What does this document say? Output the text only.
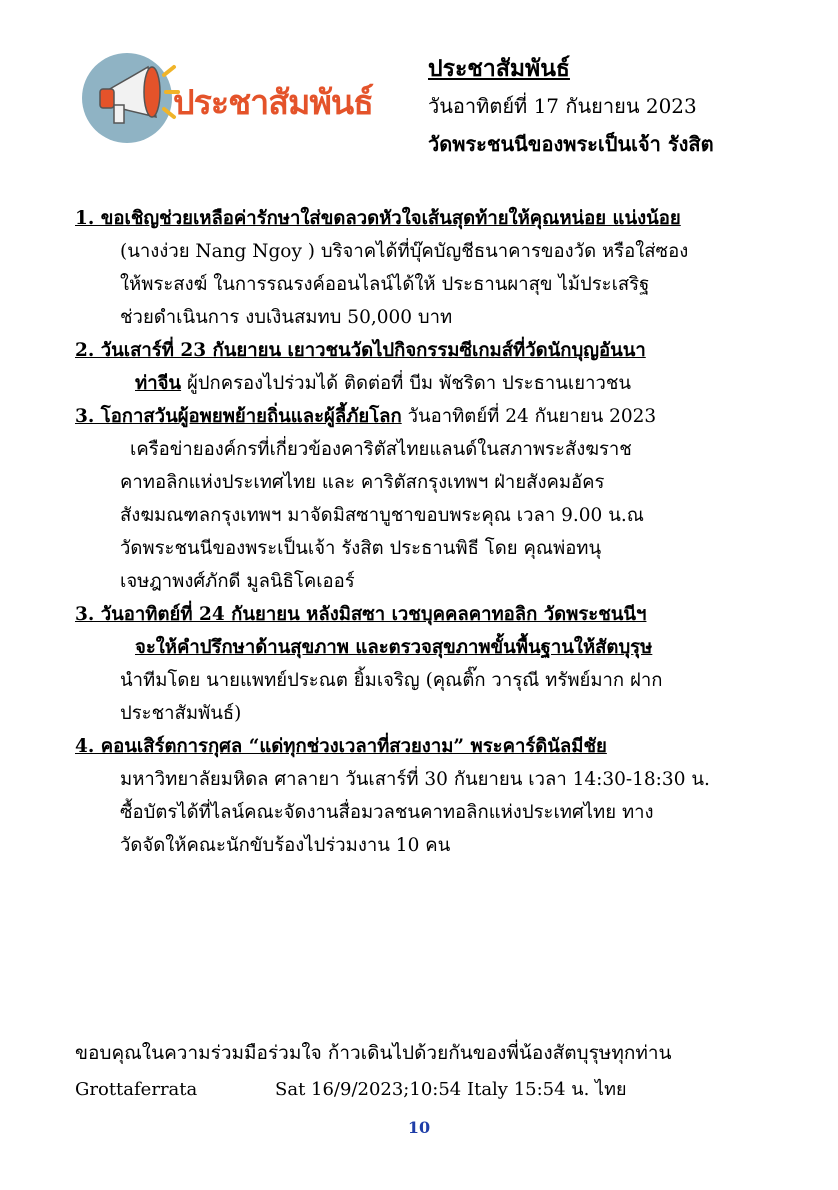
ประชาสัมพันธ์
ประชาสัมพันธ์
วันอาทิตย์ที่ 17 กันยายน 2023
วัดพระชนนีของพระเป็นเจ้า รังสิต
1. ขอเชิญช่วยเหลือค่ารักษาใส่ขดลวดหัวใจเส้นสุดท้ายให้คุณหน่อย แน่งน้อย
(นางง่วย Nang Ngoy ) บริจาคได้ที่บุ๊คบัญชีธนาคารของวัด หรือใส่ซอง
ให้พระสงฆ์ ในการรณรงค์ออนไลน์ได้ให้ ประธานผาสุข ไม้ประเสริฐ
ช่วยดำเนินการ งบเงินสมทบ 50,000 บาท
2. วันเสาร์ที่ 23 กันยายน เยาวชนวัดไปกิจกรรมซีเกมส์ที่วัดนักบุญอันนา
ท่าจีน ผู้ปกครองไปร่วมได้ ติดต่อที่ บีม พัชริดา ประธานเยาวชน
3. โอกาสวันผู้อพยพย้ายถิ่นและผู้ลี้ภัยโลก วันอาทิตย์ที่ 24 กันยายน 2023
เครือข่ายองค์กรที่เกี่ยวข้องคาริตัสไทยแลนด์ในสภาพระสังฆราช
คาทอลิกแห่งประเทศไทย และ คาริตัสกรุงเทพฯ ฝ่ายสังคมอัคร
สังฆมณฑลกรุงเทพฯ มาจัดมิสซาบูชาขอบพระคุณ เวลา 9.00 น.ณ
วัดพระชนนีของพระเป็นเจ้า รังสิต ประธานพิธี โดย คุณพ่อทนุ
เจษฎาพงศ์ภักดี มูลนิธิโคเออร์
3. วันอาทิตย์ที่ 24 กันยายน หลังมิสซา เวชบุคคลคาทอลิก วัดพระชนนีฯ
จะให้คำปรึกษาด้านสุขภาพ และตรวจสุขภาพขั้นพื้นฐานให้สัตบุรุษ
นำทีมโดย นายแพทย์ประณต ยิ้มเจริญ (คุณติ๊ก วารุณี ทรัพย์มาก ฝาก
ประชาสัมพันธ์)
4. คอนเสิร์ตการกุศล “แด่ทุกช่วงเวลาที่สวยงาม” พระคาร์ดินัลมีชัย
มหาวิทยาลัยมหิดล ศาลายา วันเสาร์ที่ 30 กันยายน เวลา 14:30-18:30 น.
ซื้อบัตรได้ที่ไลน์คณะจัดงานสื่อมวลชนคาทอลิกแห่งประเทศไทย ทาง
วัดจัดให้คณะนักขับร้องไปร่วมงาน 10 คน
ขอบคุณในความร่วมมือร่วมใจ ก้าวเดินไปด้วยกันของพี่น้องสัตบุรุษทุกท่าน
Grottaferrata	Sat 16/9/2023;10:54 Italy 15:54 น. ไทย
10
